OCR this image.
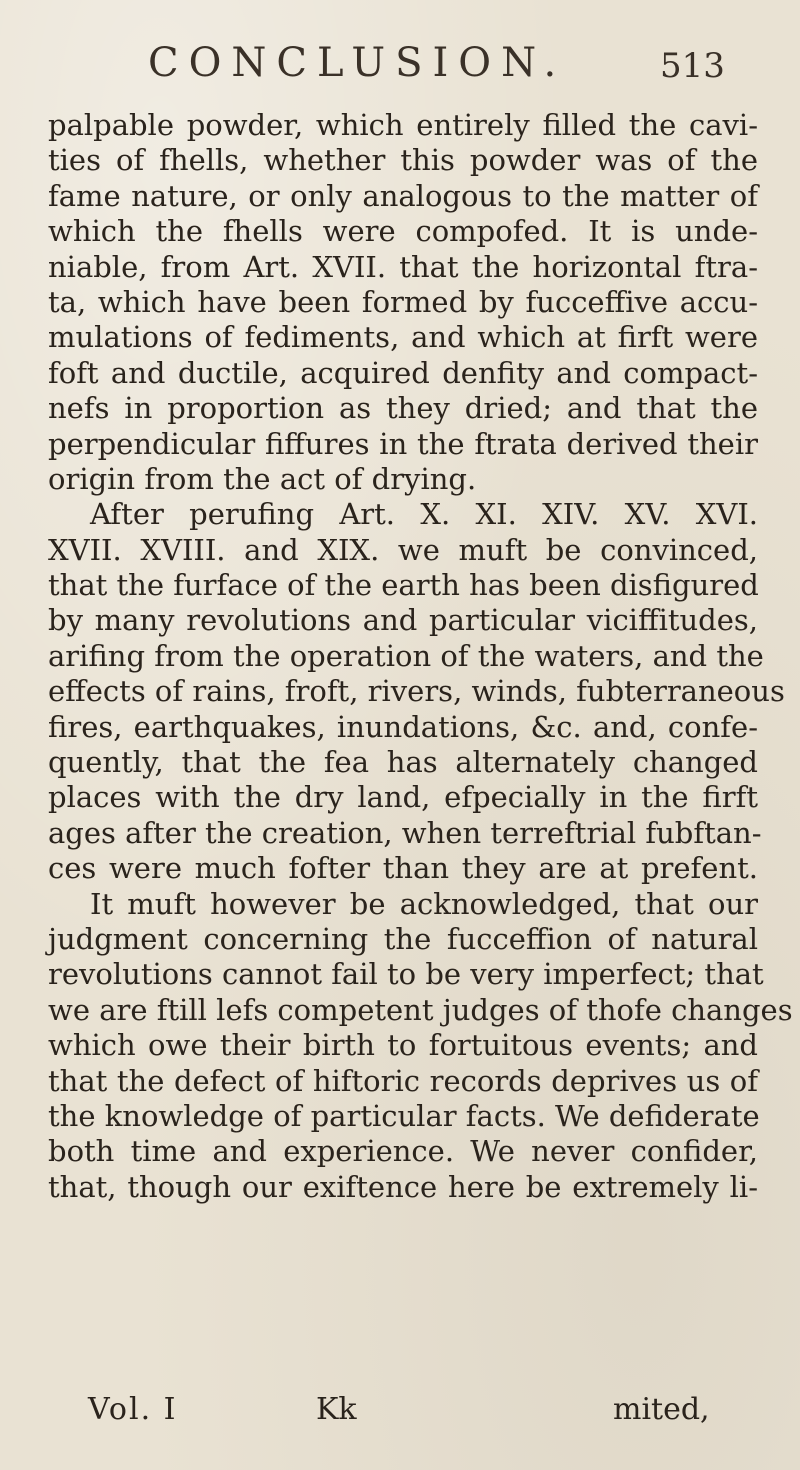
CONCLUSION.	513
palpable powder, which entirely filled the cavi-
ties of fhells, whether this powder was of the
fame nature, or only analogous to the matter of
which the fhells were compofed. It is unde-
niable, from Art. XVII. that the horizontal ftra-
ta, which have been formed by fucceffive accu-
mulations of fediments, and which at firft were
foft and ductile, acquired denfity and compact-
nefs in proportion as they dried; and that the
perpendicular fiffures in the ftrata derived their
origin from the act of drying.
After perufing Art. X. XI. XIV. XV. XVI.
XVII. XVIII. and XIX. we muft be convinced,
that the furface of the earth has been disfigured
by many revolutions and particular viciffitudes,
arifing from the operation of the waters, and the
effects of rains, froft, rivers, winds, fubterraneous
fires, earthquakes, inundations, &c. and, confe-
quently, that the fea has alternately changed
places with the dry land, efpecially in the firft
ages after the creation, when terreftrial fubftan-
ces were much fofter than they are at prefent.
It muft however be acknowledged, that our
judgment concerning the fucceffion of natural
revolutions cannot fail to be very imperfect; that
we are ftill lefs competent judges of thofe changes
which owe their birth to fortuitous events; and
that the defect of hiftoric records deprives us of
the knowledge of particular facts. We defiderate
both time and experience. We never confider,
that, though our exiftence here be extremely li-
Vol. I	Kk	mited,
